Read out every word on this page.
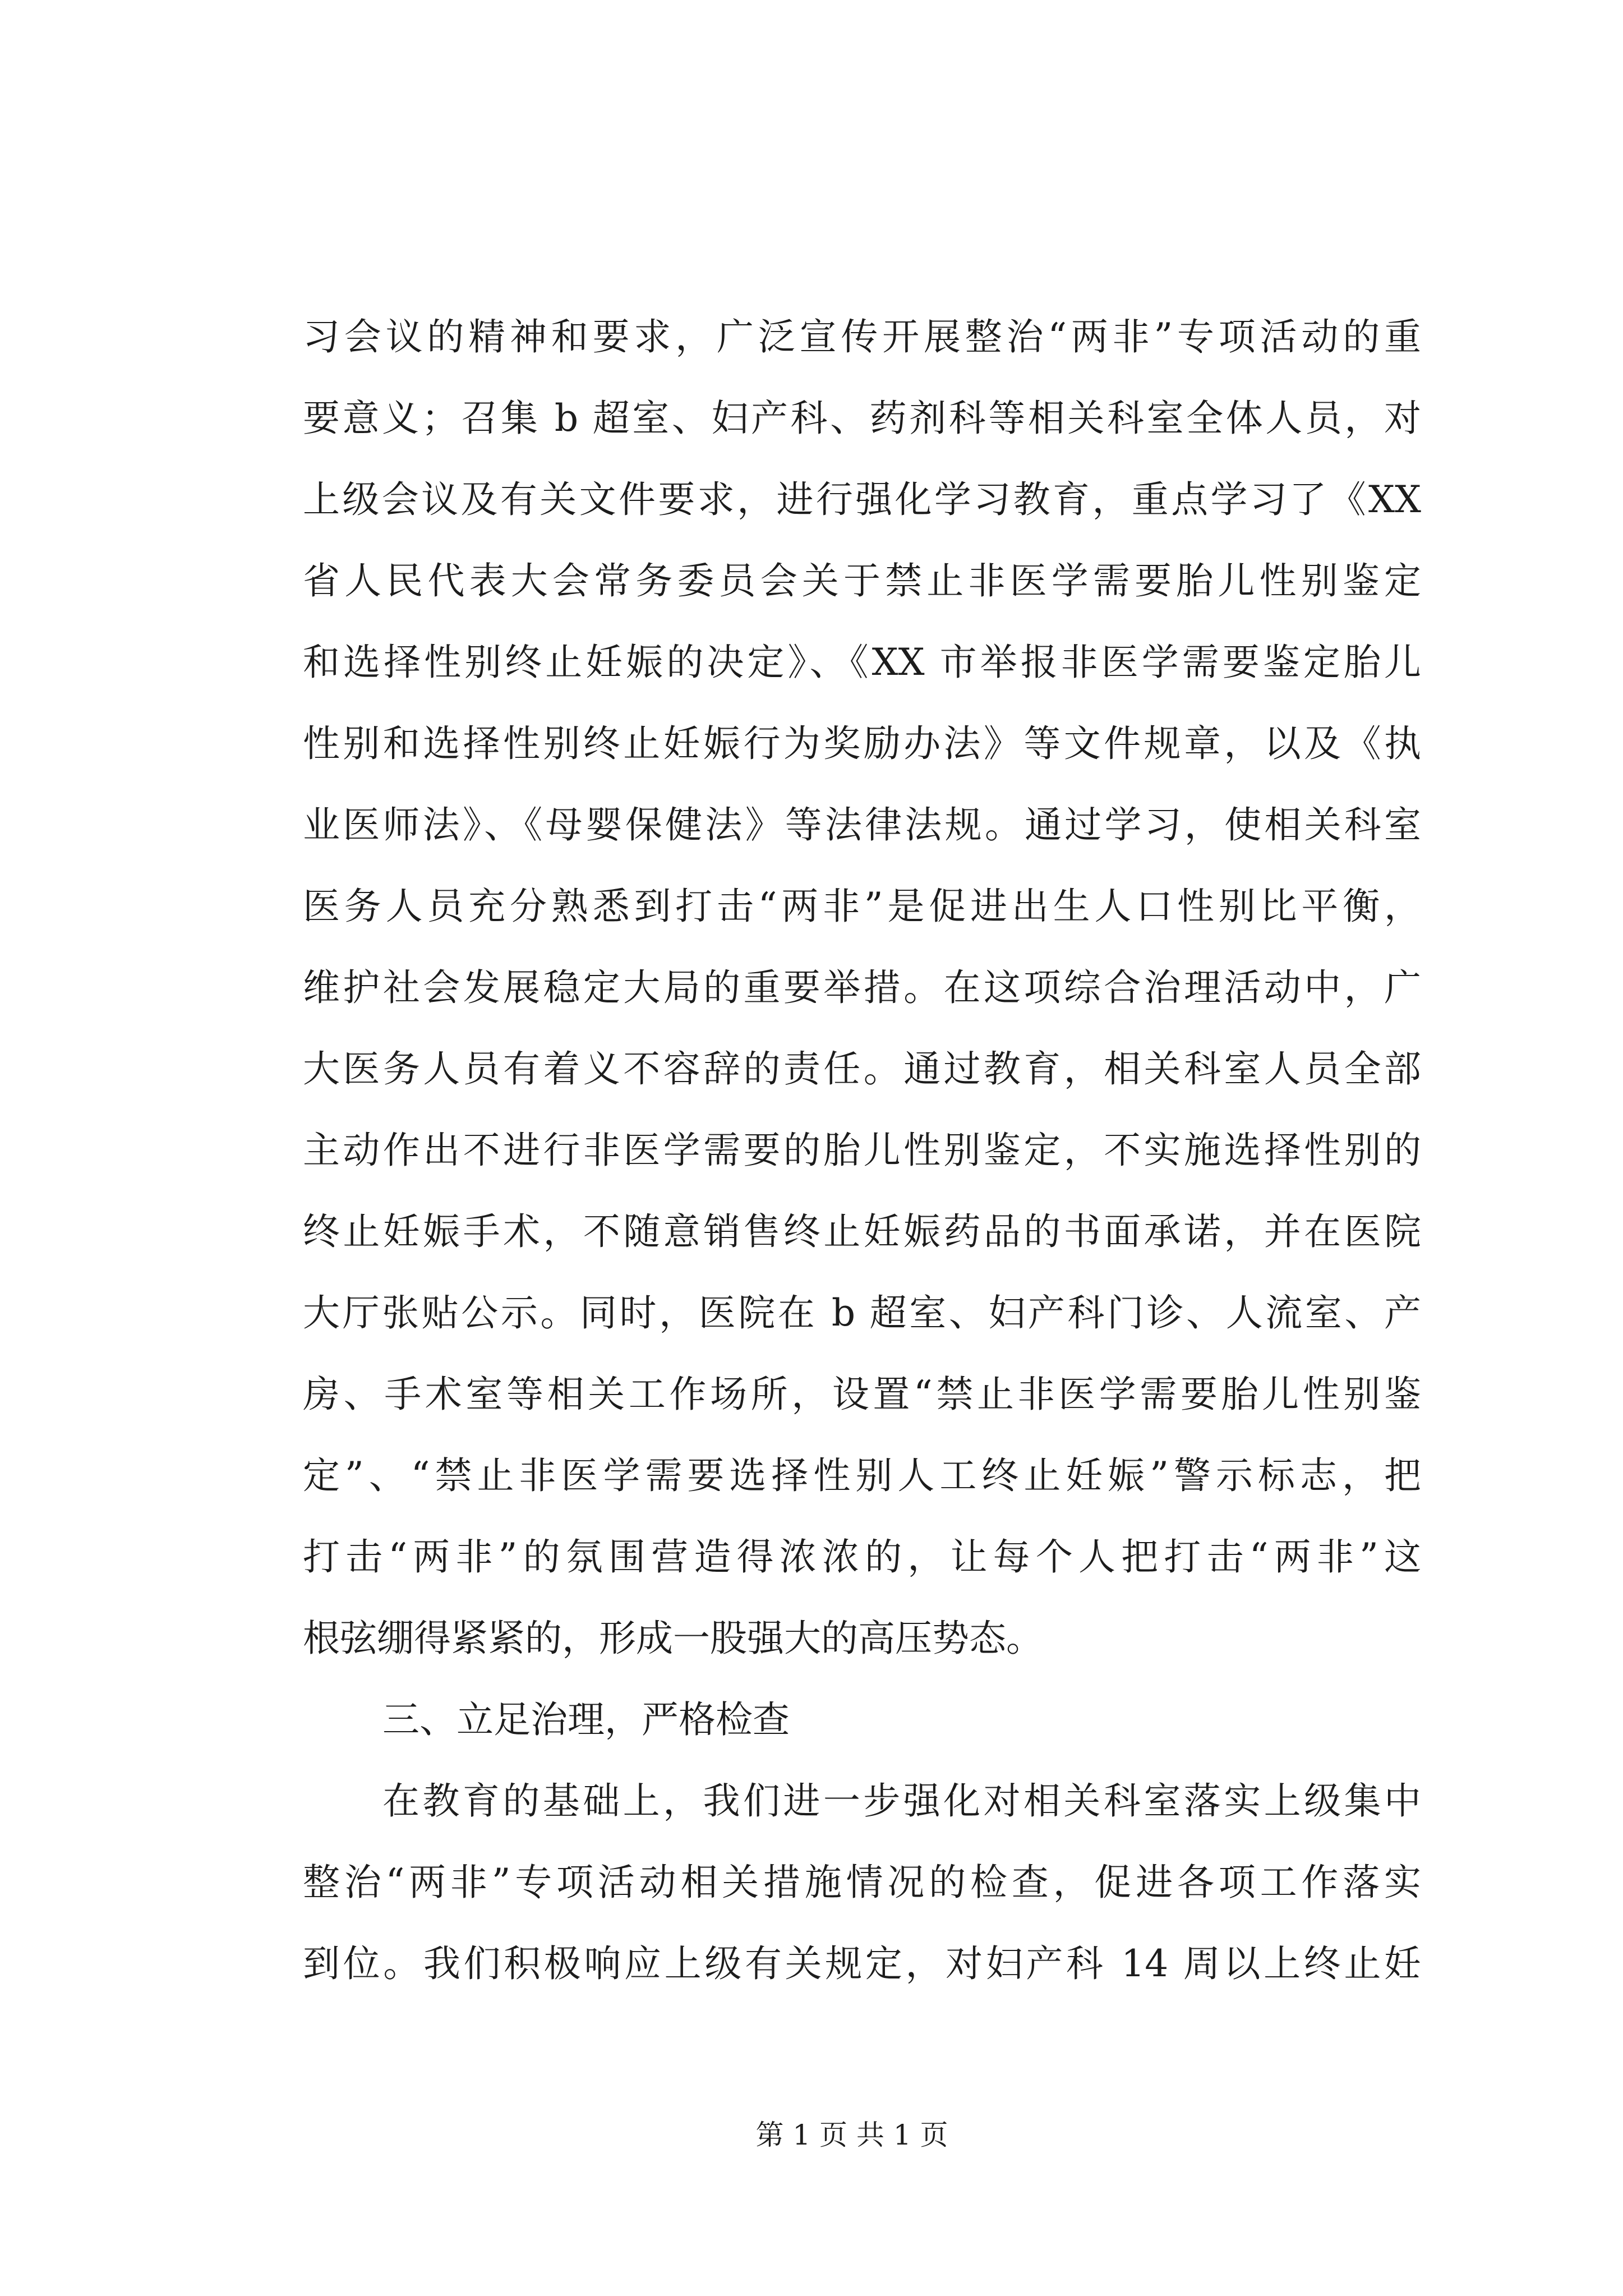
习会议的精神和要求，广泛宣传开展整治“两非”专项活动的重
要意义；召集 b 超室、妇产科、药剂科等相关科室全体人员，对
上级会议及有关文件要求，进行强化学习教育，重点学习了《XX
省人民代表大会常务委员会关于禁止非医学需要胎儿性别鉴定
和选择性别终止妊娠的决定》、《XX 市举报非医学需要鉴定胎儿
性别和选择性别终止妊娠行为奖励办法》等文件规章，以及《执
业医师法》、《母婴保健法》等法律法规。通过学习，使相关科室
医务人员充分熟悉到打击“两非”是促进出生人口性别比平衡，
维护社会发展稳定大局的重要举措。在这项综合治理活动中，广
大医务人员有着义不容辞的责任。通过教育，相关科室人员全部
主动作出不进行非医学需要的胎儿性别鉴定，不实施选择性别的
终止妊娠手术，不随意销售终止妊娠药品的书面承诺，并在医院
大厅张贴公示。同时，医院在 b 超室、妇产科门诊、人流室、产
房、手术室等相关工作场所，设置“禁止非医学需要胎儿性别鉴
定”、“禁止非医学需要选择性别人工终止妊娠”警示标志，把
打击“两非”的氛围营造得浓浓的，让每个人把打击“两非”这
根弦绷得紧紧的，形成一股强大的高压势态。
三、立足治理，严格检查
在教育的基础上，我们进一步强化对相关科室落实上级集中
整治“两非”专项活动相关措施情况的检查，促进各项工作落实
到位。我们积极响应上级有关规定，对妇产科 14 周以上终止妊
第 1 页 共 1 页
